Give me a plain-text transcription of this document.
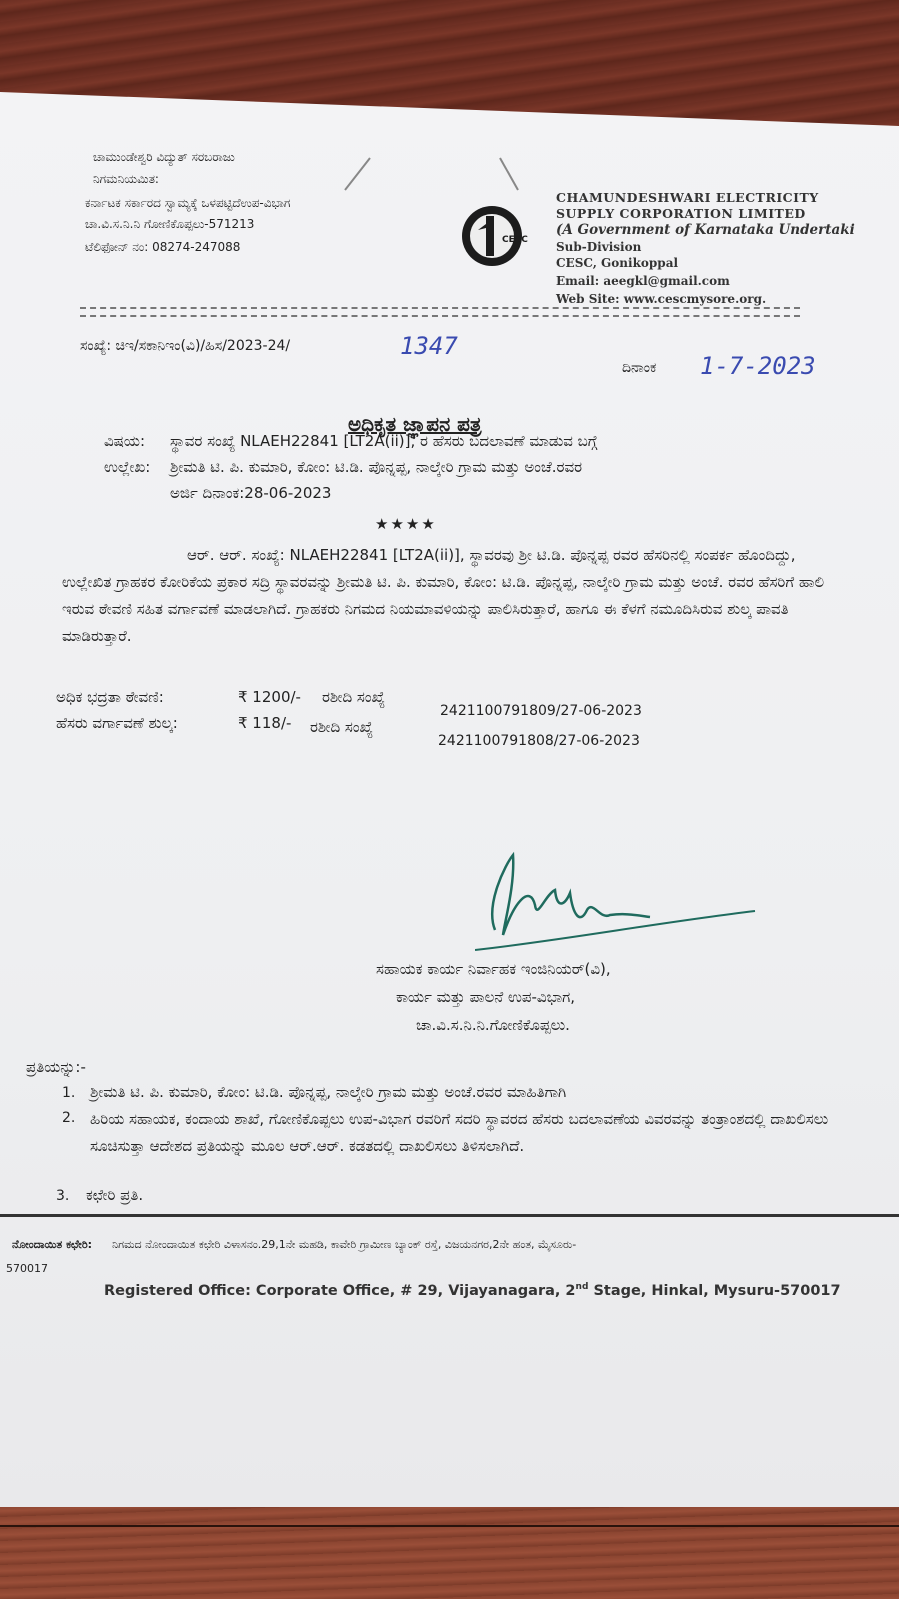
ಚಾಮುಂಡೇಶ್ವರಿ ವಿದ್ಯುತ್ ಸರಬರಾಜು
ನಿಗಮನಿಯಮಿತ:
ಕರ್ನಾಟಕ ಸರ್ಕಾರದ ಸ್ವಾಮ್ಯಕ್ಕೆ ಒಳಪಟ್ಟಿದೆಉಪ-ವಿಭಾಗ
ಚಾ.ವಿ.ಸ.ನಿ.ನಿ ಗೋಣಿಕೊಪ್ಪಲು-571213
ಟೆಲಿಫೋನ್ ನಂ: 08274-247088	CESC
CHAMUNDESHWARI ELECTRICITY
SUPPLY CORPORATION LIMITED
(A Government of Karnataka Undertaki
Sub-Division
CESC, Gonikoppal
Email: aeegkl@gmail.com
Web Site: www.cescmysore.org.
ಸಂಖ್ಯೆ: ಚಿಇ/ಸಕಾನಿಇಂ(ವಿ)/ಹಿಸ/2023-24/	1347
ದಿನಾಂಕ 1-7-2023
ಅಧಿಕೃತ ಜ್ಞಾಪನ ಪತ್ರ
ವಿಷಯ: ಸ್ಥಾವರ ಸಂಖ್ಯೆ NLAEH22841 [LT2A(ii)], ರ ಹೆಸರು ಬದಲಾವಣೆ ಮಾಡುವ ಬಗ್ಗೆ
ಉಲ್ಲೇಖ: ಶ್ರೀಮತಿ ಟಿ. ಪಿ. ಕುಮಾರಿ, ಕೋಂ: ಟಿ.ಡಿ. ಪೊನ್ನಪ್ಪ, ನಾಲ್ಕೇರಿ ಗ್ರಾಮ ಮತ್ತು ಅಂಚೆ.ರವರ
ಅರ್ಜಿ ದಿನಾಂಕ:28-06-2023
★★★★
ಆರ್. ಆರ್. ಸಂಖ್ಯೆ: NLAEH22841 [LT2A(ii)], ಸ್ಥಾವರವು ಶ್ರೀ ಟಿ.ಡಿ. ಪೊನ್ನಪ್ಪ ರವರ ಹೆಸರಿನಲ್ಲಿ ಸಂಪರ್ಕ ಹೊಂದಿದ್ದು, ಉಲ್ಲೇಖಿತ ಗ್ರಾಹಕರ ಕೋರಿಕೆಯ ಪ್ರಕಾರ ಸದ್ರಿ ಸ್ಥಾವರವನ್ನು ಶ್ರೀಮತಿ ಟಿ. ಪಿ. ಕುಮಾರಿ, ಕೋಂ: ಟಿ.ಡಿ. ಪೊನ್ನಪ್ಪ, ನಾಲ್ಕೇರಿ ಗ್ರಾಮ ಮತ್ತು ಅಂಚೆ. ರವರ ಹೆಸರಿಗೆ ಹಾಲಿ ಇರುವ ಠೇವಣಿ ಸಹಿತ ವರ್ಗಾವಣೆ ಮಾಡಲಾಗಿದೆ. ಗ್ರಾಹಕರು ನಿಗಮದ ನಿಯಮಾವಳಿಯನ್ನು ಪಾಲಿಸಿರುತ್ತಾರೆ, ಹಾಗೂ ಈ ಕೆಳಗೆ ನಮೂದಿಸಿರುವ ಶುಲ್ಕ ಪಾವತಿ ಮಾಡಿರುತ್ತಾರೆ.
ಅಧಿಕ ಭದ್ರತಾ ಠೇವಣಿ:	₹ 1200/- ರಶೀದಿ ಸಂಖ್ಯೆ
242110079​1809/27-06-2023
ಹೆಸರು ವರ್ಗಾವಣೆ ಶುಲ್ಕ:	₹ 118/- ರಶೀದಿ ಸಂಖ್ಯೆ
242110079​1808/27-06-2023
ಸಹಾಯಕ ಕಾರ್ಯ ನಿರ್ವಾಹಕ ಇಂಜಿನಿಯರ್(ವಿ),
ಕಾರ್ಯ ಮತ್ತು ಪಾಲನೆ ಉಪ-ವಿಭಾಗ,
ಚಾ.ವಿ.ಸ.ನಿ.ನಿ.ಗೋಣಿಕೊಪ್ಪಲು.
ಪ್ರತಿಯನ್ನು:-
1. ಶ್ರೀಮತಿ ಟಿ. ಪಿ. ಕುಮಾರಿ, ಕೋಂ: ಟಿ.ಡಿ. ಪೊನ್ನಪ್ಪ, ನಾಲ್ಕೇರಿ ಗ್ರಾಮ ಮತ್ತು ಅಂಚೆ.ರವರ ಮಾಹಿತಿಗಾಗಿ
2. ಹಿರಿಯ ಸಹಾಯಕ, ಕಂದಾಯ ಶಾಖೆ, ಗೋಣಿಕೊಪ್ಪಲು ಉಪ-ವಿಭಾಗ ರವರಿಗೆ ಸದರಿ ಸ್ಥಾವರದ ಹೆಸರು ಬದಲಾವಣೆಯ ವಿವರವನ್ನು ತಂತ್ರಾಂಶದಲ್ಲಿ ದಾಖಲಿಸಲು ಸೂಚಿಸುತ್ತಾ ಆದೇಶದ ಪ್ರತಿಯನ್ನು ಮೂಲ ಆರ್.ಆರ್. ಕಡತದಲ್ಲಿ ದಾಖಲಿಸಲು ತಿಳಿಸಲಾಗಿದೆ.
3. ಕಛೇರಿ ಪ್ರತಿ.
ನೋಂದಾಯಿತ ಕಛೇರಿ: ನಿಗಮದ ನೋಂದಾಯಿತ ಕಛೇರಿ ವಿಳಾಸನಂ.29,1ನೇ ಮಹಡಿ, ಕಾವೇರಿ ಗ್ರಾಮೀಣ ಬ್ಯಾಂಕ್ ರಸ್ತೆ, ವಿಜಯನಗರ,2ನೇ ಹಂತ, ಮೈಸೂರು-
570017
Registered Office: Corporate Office, # 29, Vijayanagara, 2nd Stage, Hinkal, Mysuru-570017
